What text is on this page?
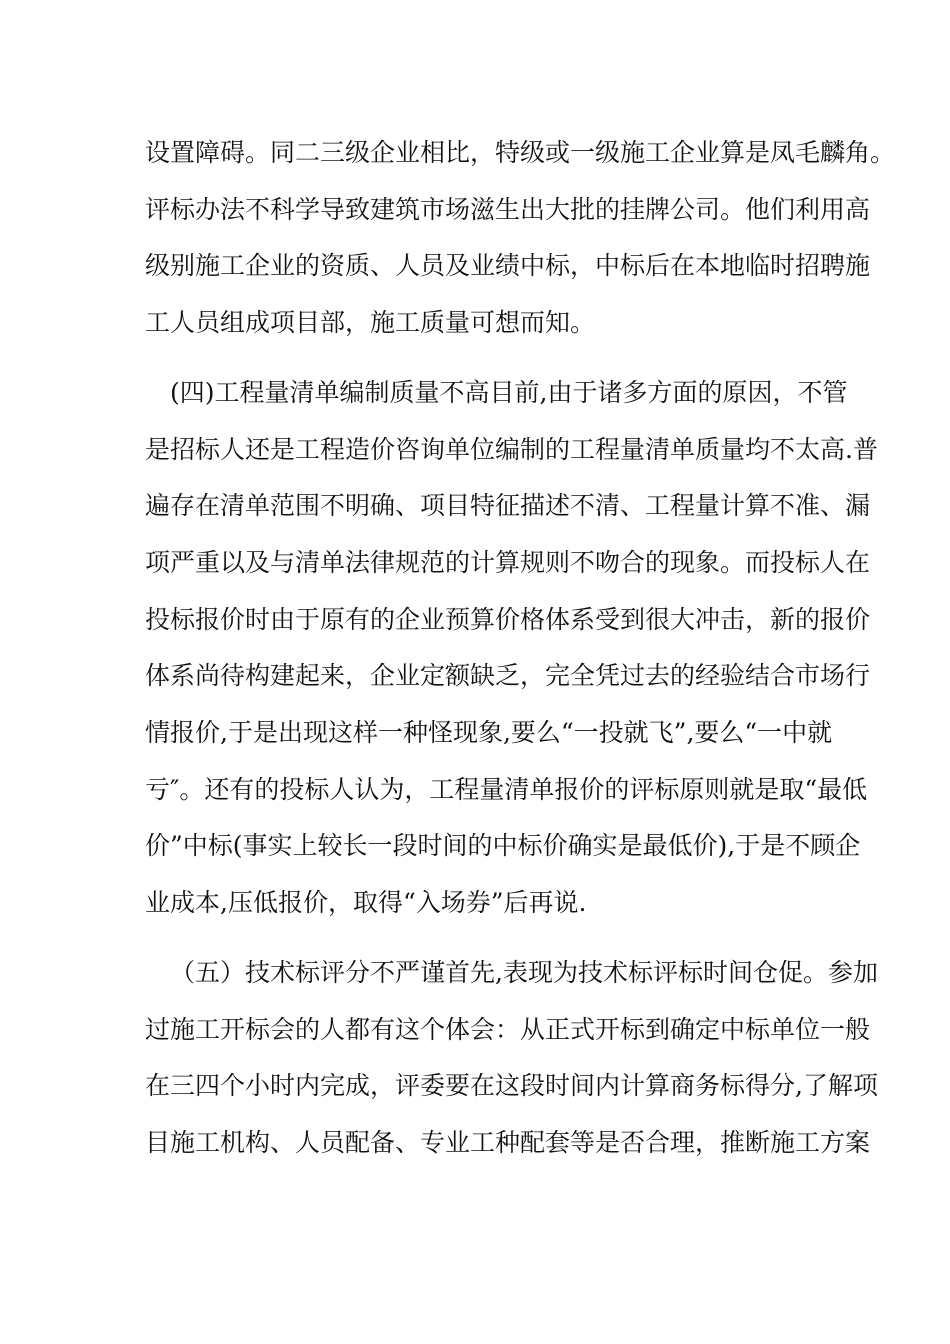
设置障碍。同二三级企业相比，特级或一级施工企业算是凤毛麟角。
评标办法不科学导致建筑市场滋生出大批的挂牌公司。他们利用高
级别施工企业的资质、人员及业绩中标，中标后在本地临时招聘施
工人员组成项目部，施工质量可想而知。
(四)工程量清单编制质量不高目前,由于诸多方面的原因，不管
是招标人还是工程造价咨询单位编制的工程量清单质量均不太高.普
遍存在清单范围不明确、项目特征描述不清、工程量计算不准、漏
项严重以及与清单法律规范的计算规则不吻合的现象。而投标人在
投标报价时由于原有的企业预算价格体系受到很大冲击，新的报价
体系尚待构建起来，企业定额缺乏，完全凭过去的经验结合市场行
情报价,于是出现这样一种怪现象,要么“一投就飞”,要么“一中就
亏″。还有的投标人认为，工程量清单报价的评标原则就是取“最低
价”中标(事实上较长一段时间的中标价确实是最低价),于是不顾企
业成本,压低报价，取得“入场券”后再说.
（五）技术标评分不严谨首先,表现为技术标评标时间仓促。参加
过施工开标会的人都有这个体会：从正式开标到确定中标单位一般
在三四个小时内完成，评委要在这段时间内计算商务标得分,了解项
目施工机构、人员配备、专业工种配套等是否合理，推断施工方案
